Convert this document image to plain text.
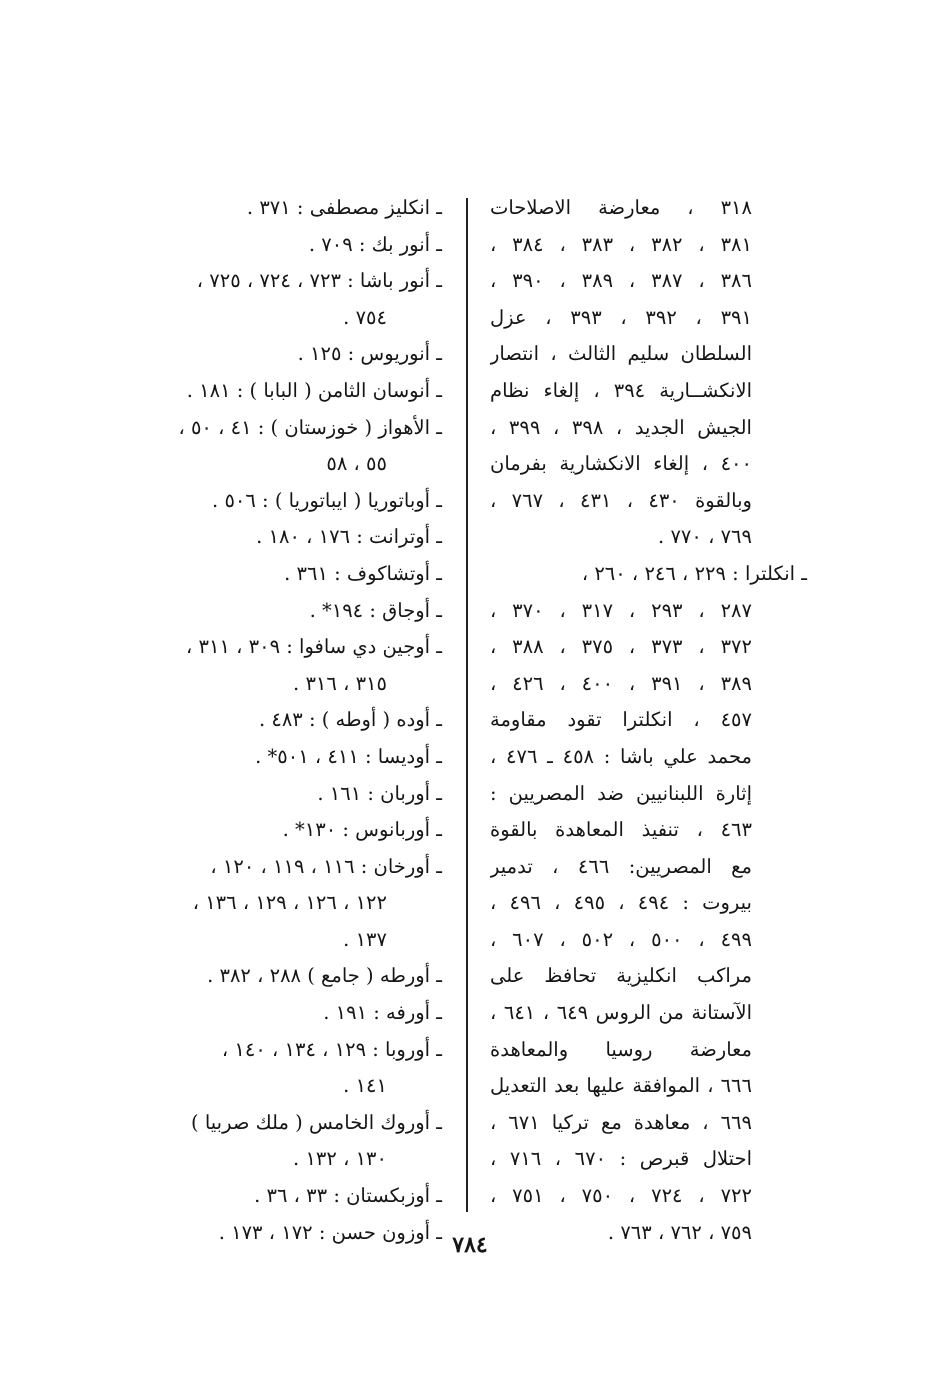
٣١٨ ، معارضة الاصلاحات
٣٨١ ، ٣٨٢ ، ٣٨٣ ، ٣٨٤ ،
٣٨٦ ، ٣٨٧ ، ٣٨٩ ، ٣٩٠ ،
٣٩١ ، ٣٩٢ ، ٣٩٣ ، عزل
السلطان سليم الثالث ، انتصار
الانكشــارية ٣٩٤ ، إلغاء نظام
الجيش الجديد ، ٣٩٨ ، ٣٩٩ ،
٤٠٠ ، إلغاء الانكشارية بفرمان
وبالقوة ٤٣٠ ، ٤٣١ ، ٧٦٧ ،
٧٦٩ ، ٧٧٠ .
ـ انكلترا : ٢٢٩ ، ٢٤٦ ، ٢٦٠ ،
٢٨٧ ، ٢٩٣ ، ٣١٧ ، ٣٧٠ ،
٣٧٢ ، ٣٧٣ ، ٣٧٥ ، ٣٨٨ ،
٣٨٩ ، ٣٩١ ، ٤٠٠ ، ٤٢٦ ،
٤٥٧ ، انكلترا تقود مقاومة
محمد علي باشا : ٤٥٨ ـ ٤٧٦ ،
إثارة اللبنانيين ضد المصريين :
٤٦٣ ، تنفيذ المعاهدة بالقوة
مع المصريين: ٤٦٦ ، تدمير
بيروت : ٤٩٤ ، ٤٩٥ ، ٤٩٦ ،
٤٩٩ ، ٥٠٠ ، ٥٠٢ ، ٦٠٧ ،
مراكب انكليزية تحافظ على
الآستانة من الروس ٦٤٩ ، ٦٤١ ،
معارضة روسيا والمعاهدة
٦٦٦ ، الموافقة عليها بعد التعديل
٦٦٩ ، معاهدة مع تركيا ٦٧١ ،
احتلال قبرص : ٦٧٠ ، ٧١٦ ،
٧٢٢ ، ٧٢٤ ، ٧٥٠ ، ٧٥١ ،
٧٥٩ ، ٧٦٢ ، ٧٦٣ .
ـ انكليز مصطفى : ٣٧١ .
ـ أنور بك : ٧٠٩ .
ـ أنور باشا : ٧٢٣ ، ٧٢٤ ، ٧٢٥ ،
٧٥٤ .
ـ أنوريوس : ١٢٥ .
ـ أنوسان الثامن ( البابا ) : ١٨١ .
ـ الأهواز ( خوزستان ) : ٤١ ، ٥٠ ،
٥٥ ، ٥٨
ـ أوباتوريا ( ايباتوريا ) : ٥٠٦ .
ـ أوترانت : ١٧٦ ، ١٨٠ .
ـ أوتشاكوف : ٣٦١ .
ـ أوجاق : ١٩٤* .
ـ أوجين دي سافوا : ٣٠٩ ، ٣١١ ،
٣١٥ ، ٣١٦ .
ـ أوده ( أوطه ) : ٤٨٣ .
ـ أوديسا : ٤١١ ، ٥٠١* .
ـ أوربان : ١٦١ .
ـ أوربانوس : ١٣٠* .
ـ أورخان : ١١٦ ، ١١٩ ، ١٢٠ ،
١٢٢ ، ١٢٦ ، ١٢٩ ، ١٣٦ ،
١٣٧ .
ـ أورطه ( جامع ) ٢٨٨ ، ٣٨٢ .
ـ أورفه : ١٩١ .
ـ أوروبا : ١٢٩ ، ١٣٤ ، ١٤٠ ،
١٤١ .
ـ أوروك الخامس ( ملك صربيا )
١٣٠ ، ١٣٢ .
ـ أوزبكستان : ٣٣ ، ٣٦ .
ـ أوزون حسن : ١٧٢ ، ١٧٣ . ٧٨٤
